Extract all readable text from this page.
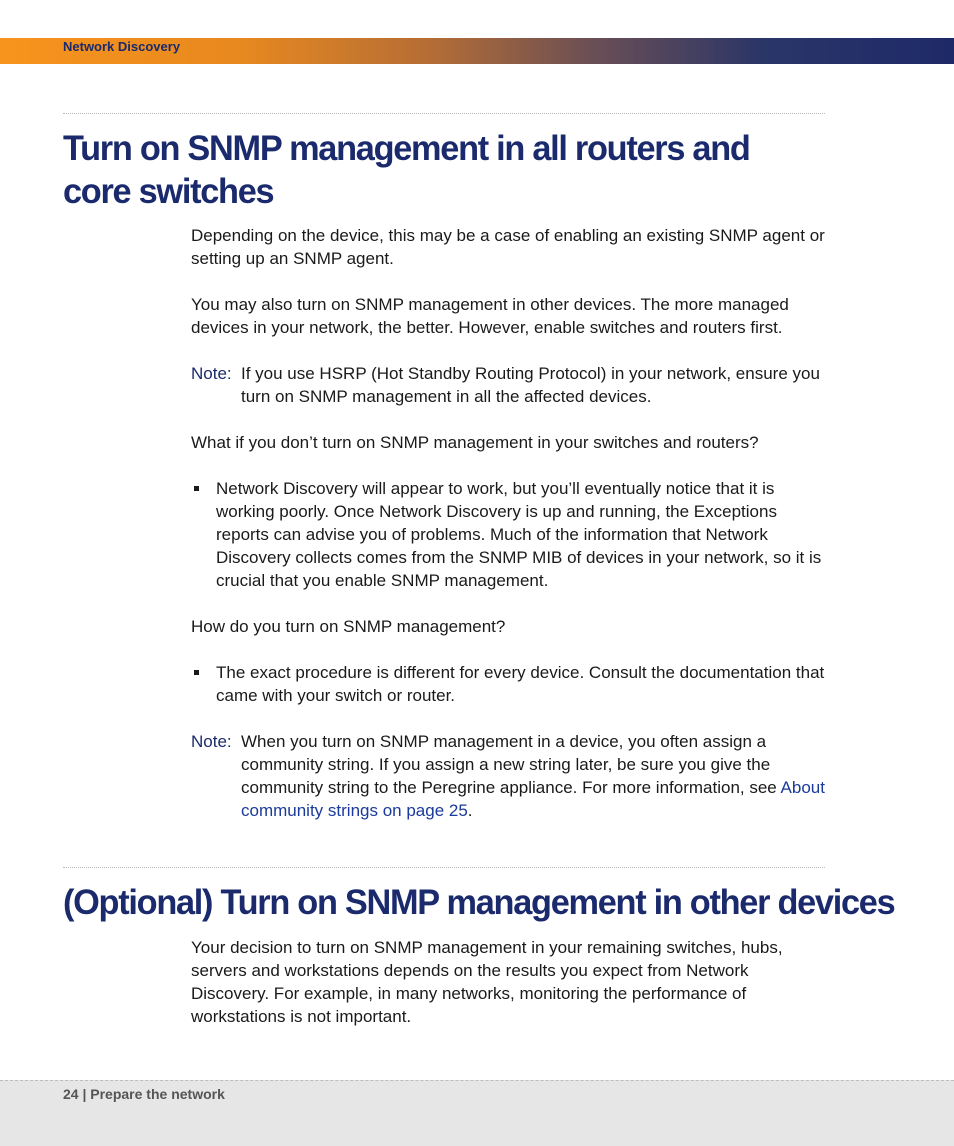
Network Discovery
Turn on SNMP management in all routers and core switches

Depending on the device, this may be a case of enabling an existing SNMP agent or setting up an SNMP agent.

You may also turn on SNMP management in other devices. The more managed devices in your network, the better. However, enable switches and routers first.

Note: If you use HSRP (Hot Standby Routing Protocol) in your network, ensure you turn on SNMP management in all the affected devices.

What if you don’t turn on SNMP management in your switches and routers?

Network Discovery will appear to work, but you’ll eventually notice that it is working poorly. Once Network Discovery is up and running, the Exceptions reports can advise you of problems. Much of the information that Network Discovery collects comes from the SNMP MIB of devices in your network, so it is crucial that you enable SNMP management.

How do you turn on SNMP management?

The exact procedure is different for every device. Consult the documentation that came with your switch or router.
Note: When you turn on SNMP management in a device, you often assign a community string. If you assign a new string later, be sure you give the community string to the Peregrine appliance. For more information, see About community strings on page 25.
(Optional) Turn on SNMP management in other devices

Your decision to turn on SNMP management in your remaining switches, hubs, servers and workstations depends on the results you expect from Network Discovery. For example, in many networks, monitoring the performance of workstations is not important.

24 | Prepare the network
